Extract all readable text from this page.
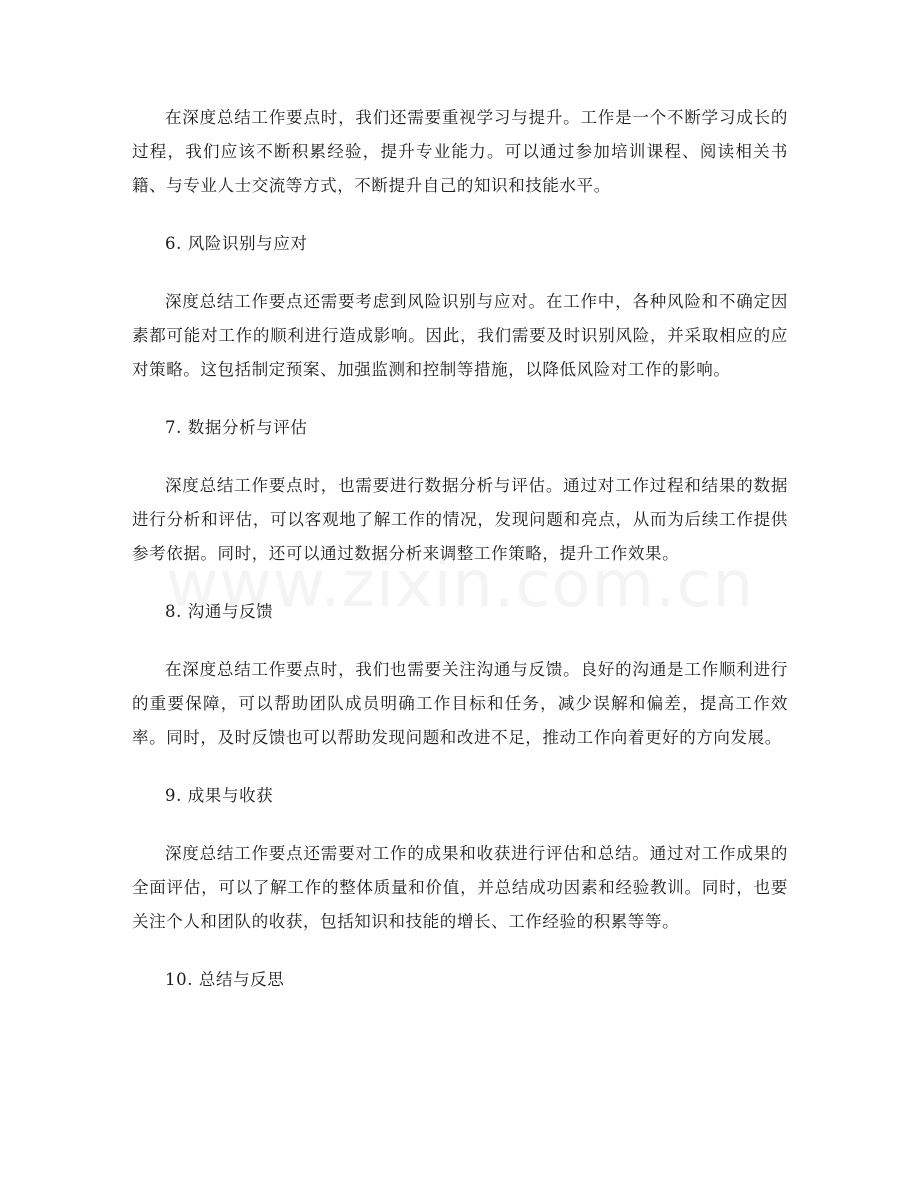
在深度总结工作要点时，我们还需要重视学习与提升。工作是一个不断学习成长的过程，我们应该不断积累经验，提升专业能力。可以通过参加培训课程、阅读相关书籍、与专业人士交流等方式，不断提升自己的知识和技能水平。

6. 风险识别与应对

深度总结工作要点还需要考虑到风险识别与应对。在工作中，各种风险和不确定因素都可能对工作的顺利进行造成影响。因此，我们需要及时识别风险，并采取相应的应对策略。这包括制定预案、加强监测和控制等措施，以降低风险对工作的影响。

7. 数据分析与评估

深度总结工作要点时，也需要进行数据分析与评估。通过对工作过程和结果的数据进行分析和评估，可以客观地了解工作的情况，发现问题和亮点，从而为后续工作提供参考依据。同时，还可以通过数据分析来调整工作策略，提升工作效果。

8. 沟通与反馈

在深度总结工作要点时，我们也需要关注沟通与反馈。良好的沟通是工作顺利进行的重要保障，可以帮助团队成员明确工作目标和任务，减少误解和偏差，提高工作效率。同时，及时反馈也可以帮助发现问题和改进不足，推动工作向着更好的方向发展。

9. 成果与收获

深度总结工作要点还需要对工作的成果和收获进行评估和总结。通过对工作成果的全面评估，可以了解工作的整体质量和价值，并总结成功因素和经验教训。同时，也要关注个人和团队的收获，包括知识和技能的增长、工作经验的积累等等。

10. 总结与反思
